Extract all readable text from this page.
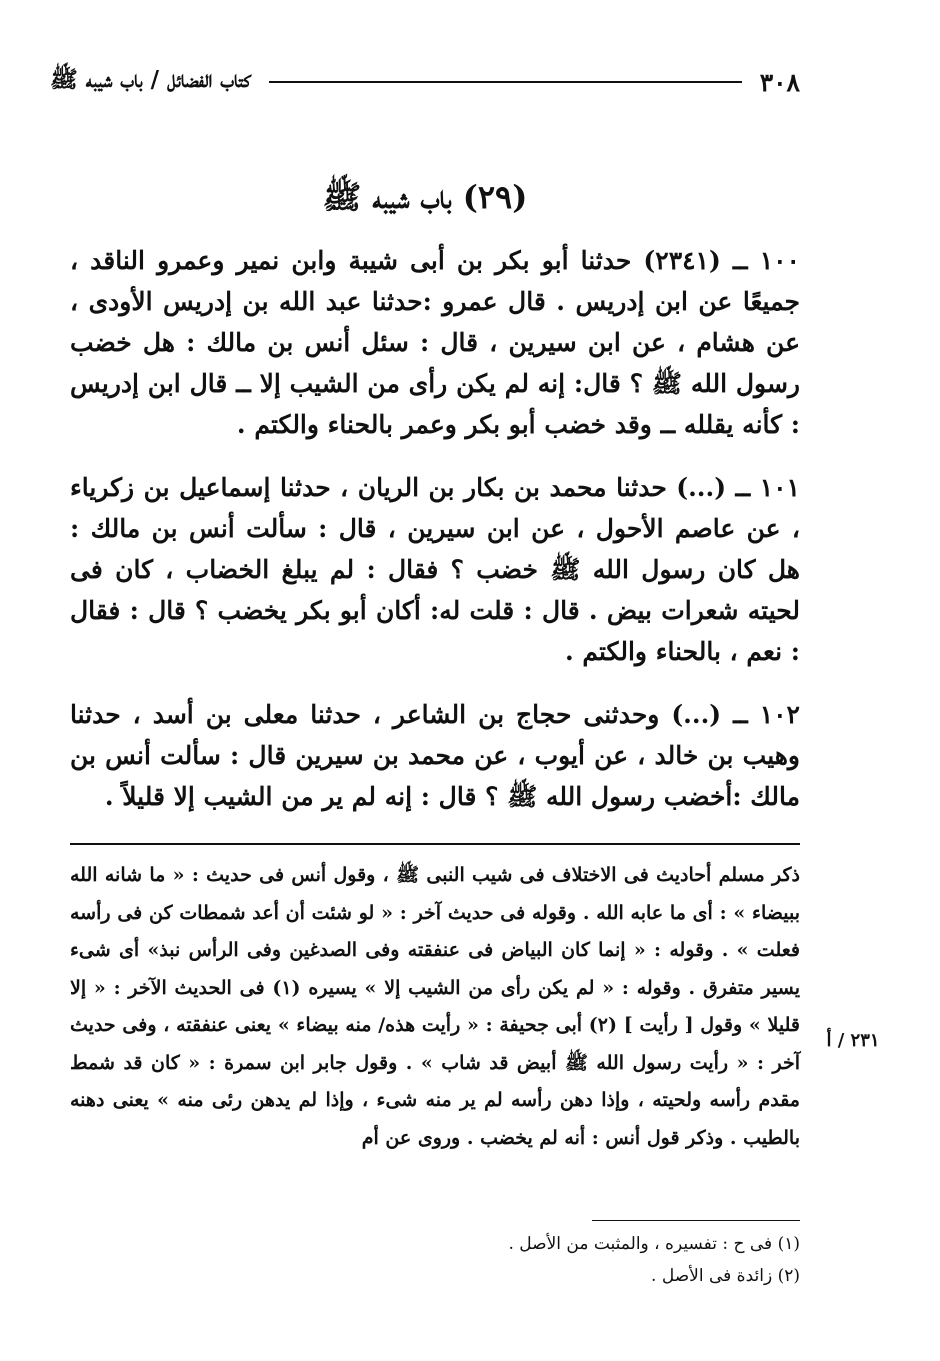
٣٠٨
كتاب الفضائل / باب شيبه ﷺ
(٢٩) باب شيبه ﷺ

١٠٠ ــ (٢٣٤١) حدثنا أبو بكر بن أبى شيبة وابن نمير وعمرو الناقد ، جميعًا عن ابن إدريس . قال عمرو :حدثنا عبد الله بن إدريس الأودى ، عن هشام ، عن ابن سيرين ، قال : سئل أنس بن مالك : هل خضب رسول الله ﷺ ؟ قال: إنه لم يكن رأى من الشيب إلا ــ قال ابن إدريس : كأنه يقلله ــ وقد خضب أبو بكر وعمر بالحناء والكتم .

١٠١ ــ (...) حدثنا محمد بن بكار بن الريان ، حدثنا إسماعيل بن زكرياء ، عن عاصم الأحول ، عن ابن سيرين ، قال : سألت أنس بن مالك : هل كان رسول الله ﷺ خضب ؟ فقال : لم يبلغ الخضاب ، كان فى لحيته شعرات بيض . قال : قلت له: أكان أبو بكر يخضب ؟ قال : فقال : نعم ، بالحناء والكتم .

١٠٢ ــ (...) وحدثنى حجاج بن الشاعر ، حدثنا معلى بن أسد ، حدثنا وهيب بن خالد ، عن أيوب ، عن محمد بن سيرين قال : سألت أنس بن مالك :أخضب رسول الله ﷺ ؟ قال : إنه لم ير من الشيب إلا قليلاً .

ذكر مسلم أحاديث فى الاختلاف فى شيب النبى ﷺ ، وقول أنس فى حديث : « ما شانه الله ببيضاء » : أى ما عابه الله . وقوله فى حديث آخر : « لو شئت أن أعد شمطات كن فى رأسه فعلت » . وقوله : « إنما كان البياض فى عنفقته وفى الصدغين وفى الرأس نبذ» أى شىء يسير متفرق . وقوله : « لم يكن رأى من الشيب إلا » يسيره (١) فى الحديث الآخر : « إلا قليلا » وقول [ رأيت ] (٢) أبى جحيفة : « رأيت هذه/ منه بيضاء » يعنى عنفقته ، وفى حديث آخر : « رأيت رسول الله ﷺ أبيض قد شاب » . وقول جابر ابن سمرة : « كان قد شمط مقدم رأسه ولحيته ، وإذا دهن رأسه لم ير منه شىء ، وإذا لم يدهن رئى منه » يعنى دهنه بالطيب . وذكر قول أنس : أنه لم يخضب . وروى عن أم

٢٣١ / أ
(١) فى ح : تفسيره ، والمثبت من الأصل .
(٢) زائدة فى الأصل .
